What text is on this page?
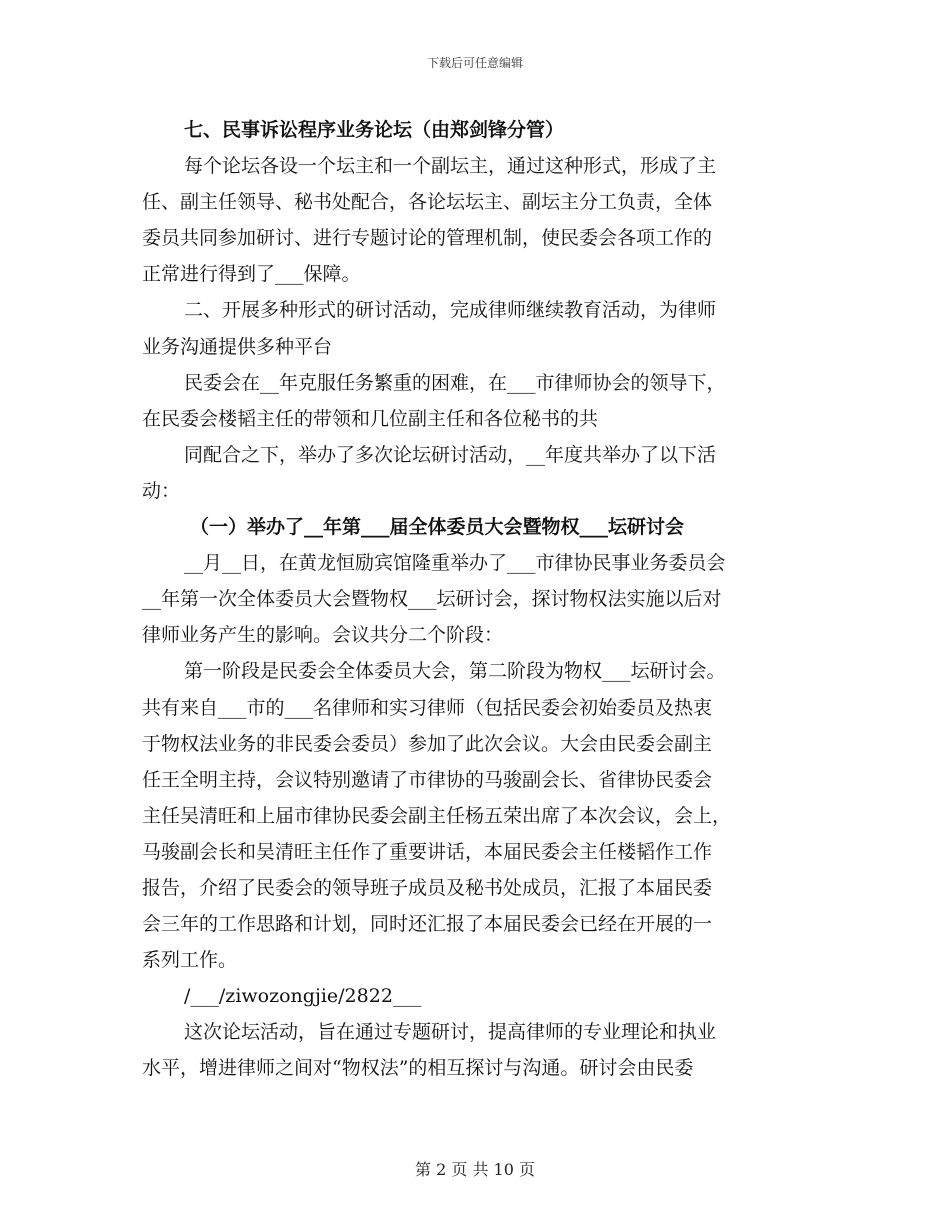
下载后可任意编辑
七、民事诉讼程序业务论坛（由郑剑锋分管）
每个论坛各设一个坛主和一个副坛主，通过这种形式，形成了主
任、副主任领导、秘书处配合，各论坛坛主、副坛主分工负责，全体
委员共同参加研讨、进行专题讨论的管理机制，使民委会各项工作的
正常进行得到了___保障。
二、开展多种形式的研讨活动，完成律师继续教育活动，为律师
业务沟通提供多种平台
民委会在__年克服任务繁重的困难，在___市律师协会的领导下，
在民委会楼韬主任的带领和几位副主任和各位秘书的共
同配合之下，举办了多次论坛研讨活动，__年度共举办了以下活
动：
（一）举办了__年第___届全体委员大会暨物权___坛研讨会
__月__日，在黄龙恒励宾馆隆重举办了___市律协民事业务委员会
__年第一次全体委员大会暨物权___坛研讨会，探讨物权法实施以后对
律师业务产生的影响。会议共分二个阶段：
第一阶段是民委会全体委员大会，第二阶段为物权___坛研讨会。
共有来自___市的___名律师和实习律师（包括民委会初始委员及热衷
于物权法业务的非民委会委员）参加了此次会议。大会由民委会副主
任王全明主持，会议特别邀请了市律协的马骏副会长、省律协民委会
主任吴清旺和上届市律协民委会副主任杨五荣出席了本次会议，会上，
马骏副会长和吴清旺主任作了重要讲话，本届民委会主任楼韬作工作
报告，介绍了民委会的领导班子成员及秘书处成员，汇报了本届民委
会三年的工作思路和计划，同时还汇报了本届民委会已经在开展的一
系列工作。
/___/ziwozongjie/2822___
这次论坛活动，旨在通过专题研讨，提高律师的专业理论和执业
水平，增进律师之间对“物权法”的相互探讨与沟通。研讨会由民委
第 2 页 共 10 页
